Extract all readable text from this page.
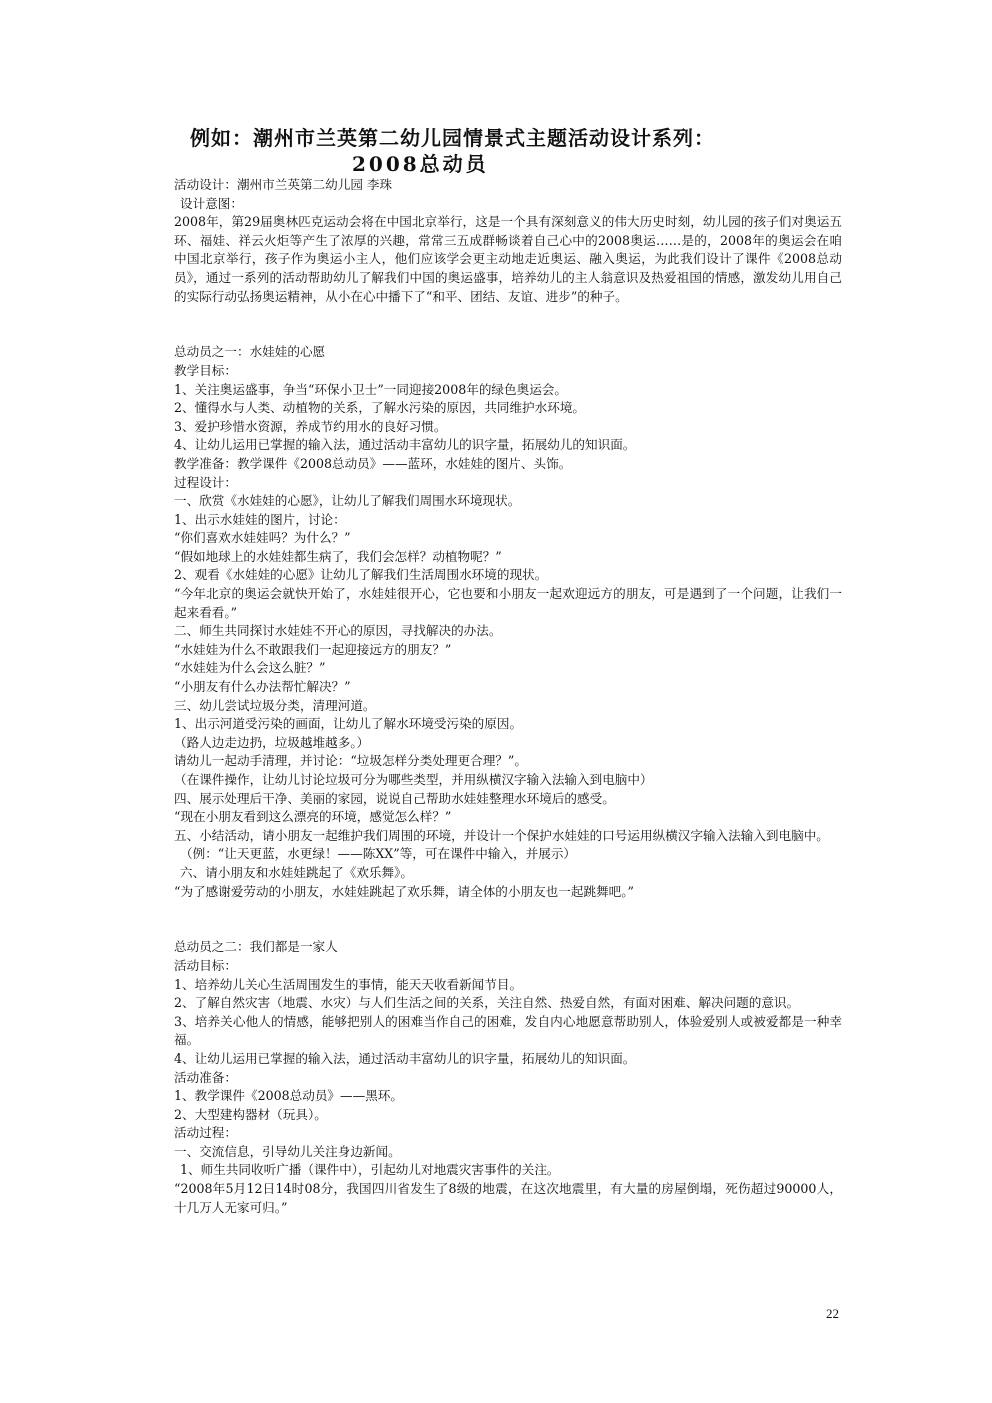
例如：潮州市兰英第二幼儿园情景式主题活动设计系列：
2008总动员
活动设计：潮州市兰英第二幼儿园 李珠
设计意图：
2008年，第29届奥林匹克运动会将在中国北京举行，这是一个具有深刻意义的伟大历史时刻，幼儿园的孩子们对奥运五环、福娃、祥云火炬等产生了浓厚的兴趣，常常三五成群畅谈着自己心中的2008奥运……是的，2008年的奥运会在咱中国北京举行，孩子作为奥运小主人，他们应该学会更主动地走近奥运、融入奥运，为此我们设计了课件《2008总动员》，通过一系列的活动帮助幼儿了解我们中国的奥运盛事，培养幼儿的主人翁意识及热爱祖国的情感，激发幼儿用自己的实际行动弘扬奥运精神，从小在心中播下了“和平、团结、友谊、进步”的种子。
总动员之一：水娃娃的心愿
教学目标：
1、关注奥运盛事，争当“环保小卫士”一同迎接2008年的绿色奥运会。
2、懂得水与人类、动植物的关系，了解水污染的原因，共同维护水环境。
3、爱护珍惜水资源，养成节约用水的良好习惯。
4、让幼儿运用已掌握的输入法，通过活动丰富幼儿的识字量，拓展幼儿的知识面。
教学准备：教学课件《2008总动员》——蓝环，水娃娃的图片、头饰。
过程设计：
一、欣赏《水娃娃的心愿》，让幼儿了解我们周围水环境现状。
1、出示水娃娃的图片，讨论：
“你们喜欢水娃娃吗？为什么？”
“假如地球上的水娃娃都生病了，我们会怎样？动植物呢？”
2、观看《水娃娃的心愿》让幼儿了解我们生活周围水环境的现状。
“今年北京的奥运会就快开始了，水娃娃很开心，它也要和小朋友一起欢迎远方的朋友，可是遇到了一个问题，让我们一起来看看。”
二、师生共同探讨水娃娃不开心的原因，寻找解决的办法。
“水娃娃为什么不敢跟我们一起迎接远方的朋友？”
“水娃娃为什么会这么脏？”
“小朋友有什么办法帮忙解决？”
三、幼儿尝试垃圾分类，清理河道。
1、出示河道受污染的画面，让幼儿了解水环境受污染的原因。
（路人边走边扔，垃圾越堆越多。）
请幼儿一起动手清理，并讨论：“垃圾怎样分类处理更合理？”。
（在课件操作，让幼儿讨论垃圾可分为哪些类型，并用纵横汉字输入法输入到电脑中）
四、展示处理后干净、美丽的家园，说说自己帮助水娃娃整理水环境后的感受。
“现在小朋友看到这么漂亮的环境，感觉怎么样？”
五、小结活动，请小朋友一起维护我们周围的环境，并设计一个保护水娃娃的口号运用纵横汉字输入法输入到电脑中。
（例：“让天更蓝，水更绿！——陈XX”等，可在课件中输入，并展示）
六、请小朋友和水娃娃跳起了《欢乐舞》。
“为了感谢爱劳动的小朋友，水娃娃跳起了欢乐舞，请全体的小朋友也一起跳舞吧。”
总动员之二：我们都是一家人
活动目标：
1、培养幼儿关心生活周围发生的事情，能天天收看新闻节目。
2、了解自然灾害（地震、水灾）与人们生活之间的关系，关注自然、热爱自然，有面对困难、解决问题的意识。
3、培养关心他人的情感，能够把别人的困难当作自己的困难，发自内心地愿意帮助别人，体验爱别人或被爱都是一种幸福。
4、让幼儿运用已掌握的输入法，通过活动丰富幼儿的识字量，拓展幼儿的知识面。
活动准备：
1、教学课件《2008总动员》——黑环。
2、大型建构器材（玩具）。
活动过程：
一、交流信息，引导幼儿关注身边新闻。
1、师生共同收听广播（课件中），引起幼儿对地震灾害事件的关注。
“2008年5月12日14时08分，我国四川省发生了8级的地震，在这次地震里，有大量的房屋倒塌，死伤超过90000人，十几万人无家可归。”
22
